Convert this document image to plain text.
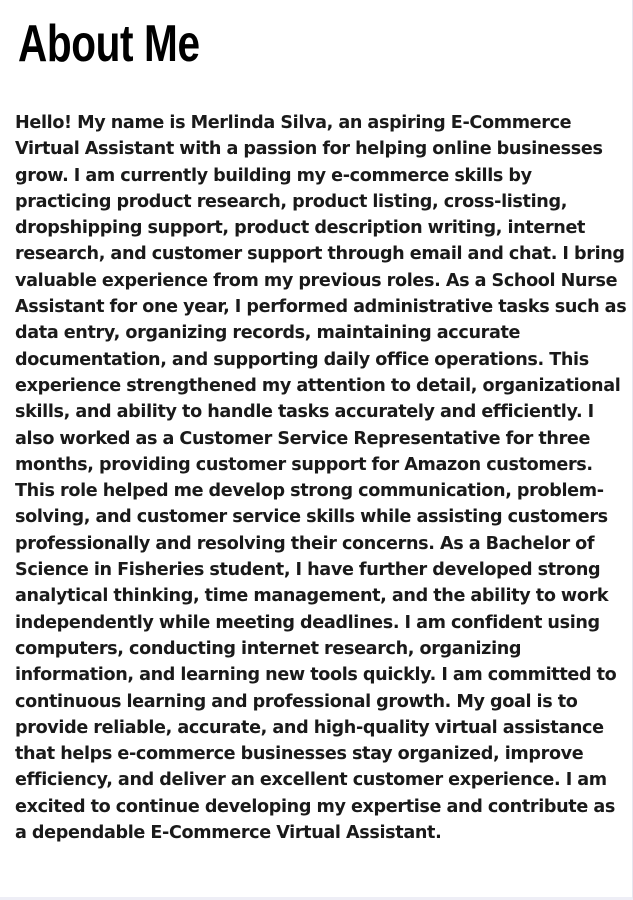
About Me

Hello! My name is Merlinda Silva, an aspiring E-Commerce Virtual Assistant with a passion for helping online businesses grow. I am currently building my e-commerce skills by practicing product research, product listing, cross-listing, dropshipping support, product description writing, internet research, and customer support through email and chat. I bring valuable experience from my previous roles. As a School Nurse Assistant for one year, I performed administrative tasks such as data entry, organizing records, maintaining accurate documentation, and supporting daily office operations. This experience strengthened my attention to detail, organizational skills, and ability to handle tasks accurately and efficiently. I also worked as a Customer Service Representative for three months, providing customer support for Amazon customers. This role helped me develop strong communication, problem-solving, and customer service skills while assisting customers professionally and resolving their concerns. As a Bachelor of Science in Fisheries student, I have further developed strong analytical thinking, time management, and the ability to work independently while meeting deadlines. I am confident using computers, conducting internet research, organizing information, and learning new tools quickly. I am committed to continuous learning and professional growth. My goal is to provide reliable, accurate, and high-quality virtual assistance that helps e-commerce businesses stay organized, improve efficiency, and deliver an excellent customer experience. I am excited to continue developing my expertise and contribute as a dependable E-Commerce Virtual Assistant.
